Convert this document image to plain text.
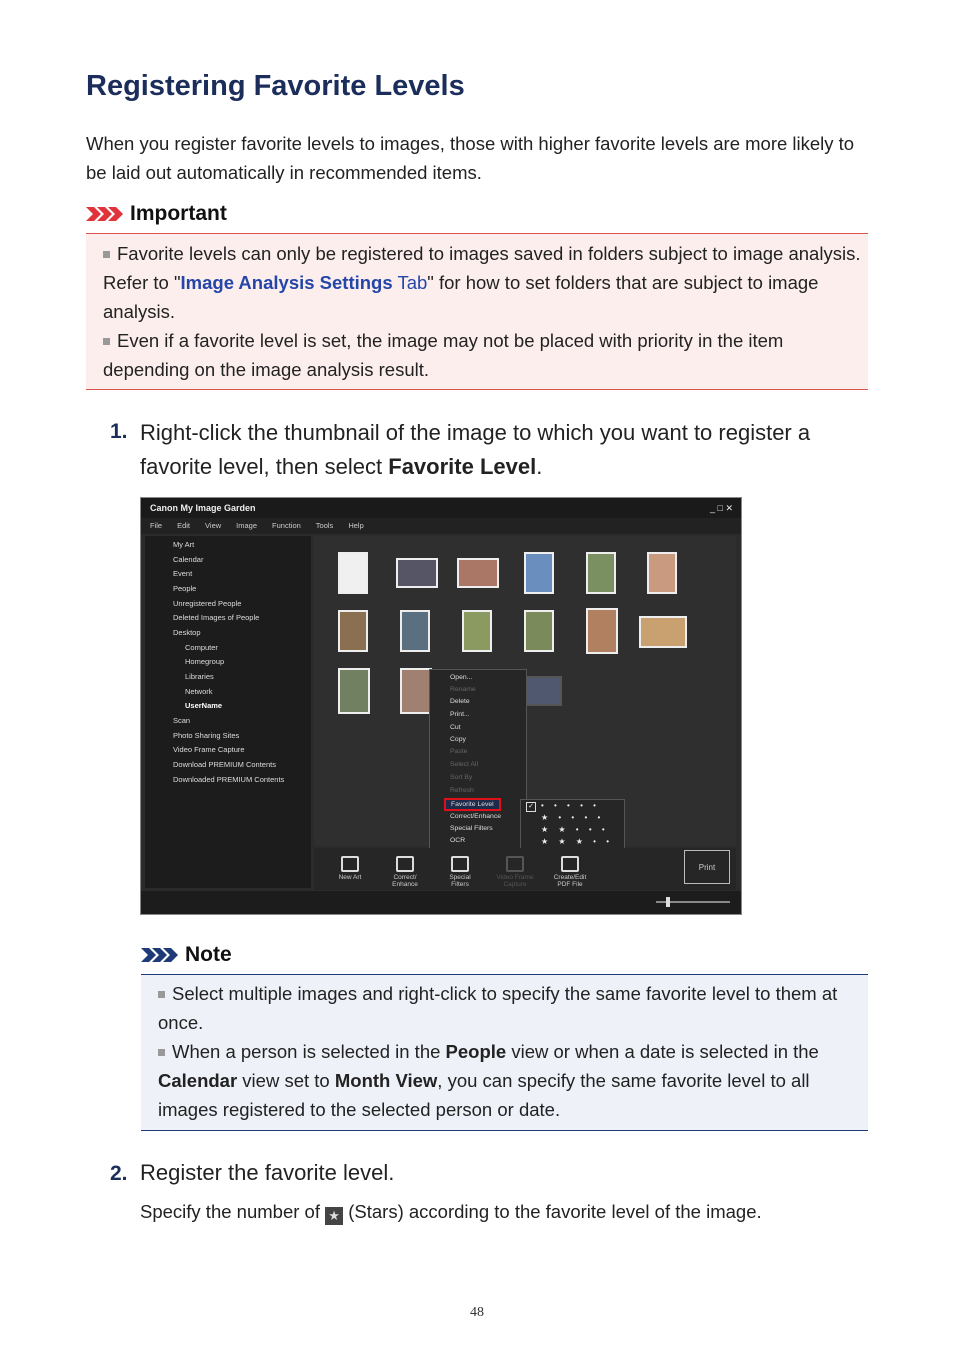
Registering Favorite Levels
When you register favorite levels to images, those with higher favorite levels are more likely to be laid out automatically in recommended items.
Important
Favorite levels can only be registered to images saved in folders subject to image analysis. Refer to "Image Analysis Settings Tab" for how to set folders that are subject to image analysis.
Even if a favorite level is set, the image may not be placed with priority in the item depending on the image analysis result.
1. Right-click the thumbnail of the image to which you want to register a favorite level, then select Favorite Level.
Canon My Image Garden	_ □ ✕
File Edit View Image Function Tools Help
My Art
Calendar
Event
People
Unregistered People
Deleted Images of People
Desktop
Computer
Homegroup
Libraries
Network
UserName
Scan
Photo Sharing Sites
Video Frame Capture
Download PREMIUM Contents
Downloaded PREMIUM Contents
Open...
Rename
Delete
Print...
Cut
Copy
Paste
Select All
Sort By
Refresh
Favorite Level
Correct/Enhance
Special Filters
OCR
✓ • • • • •
★ • • • •
★ ★ • • •
★ ★ ★ • •
New Art	Correct/ Enhance
Special Filters
Video Frame Capture
Create/Edit PDF File
Print
Note
Select multiple images and right-click to specify the same favorite level to them at once.
When a person is selected in the People view or when a date is selected in the Calendar view set to Month View, you can specify the same favorite level to all images registered to the selected person or date.
2. Register the favorite level.
Specify the number of ★ (Stars) according to the favorite level of the image.
48
